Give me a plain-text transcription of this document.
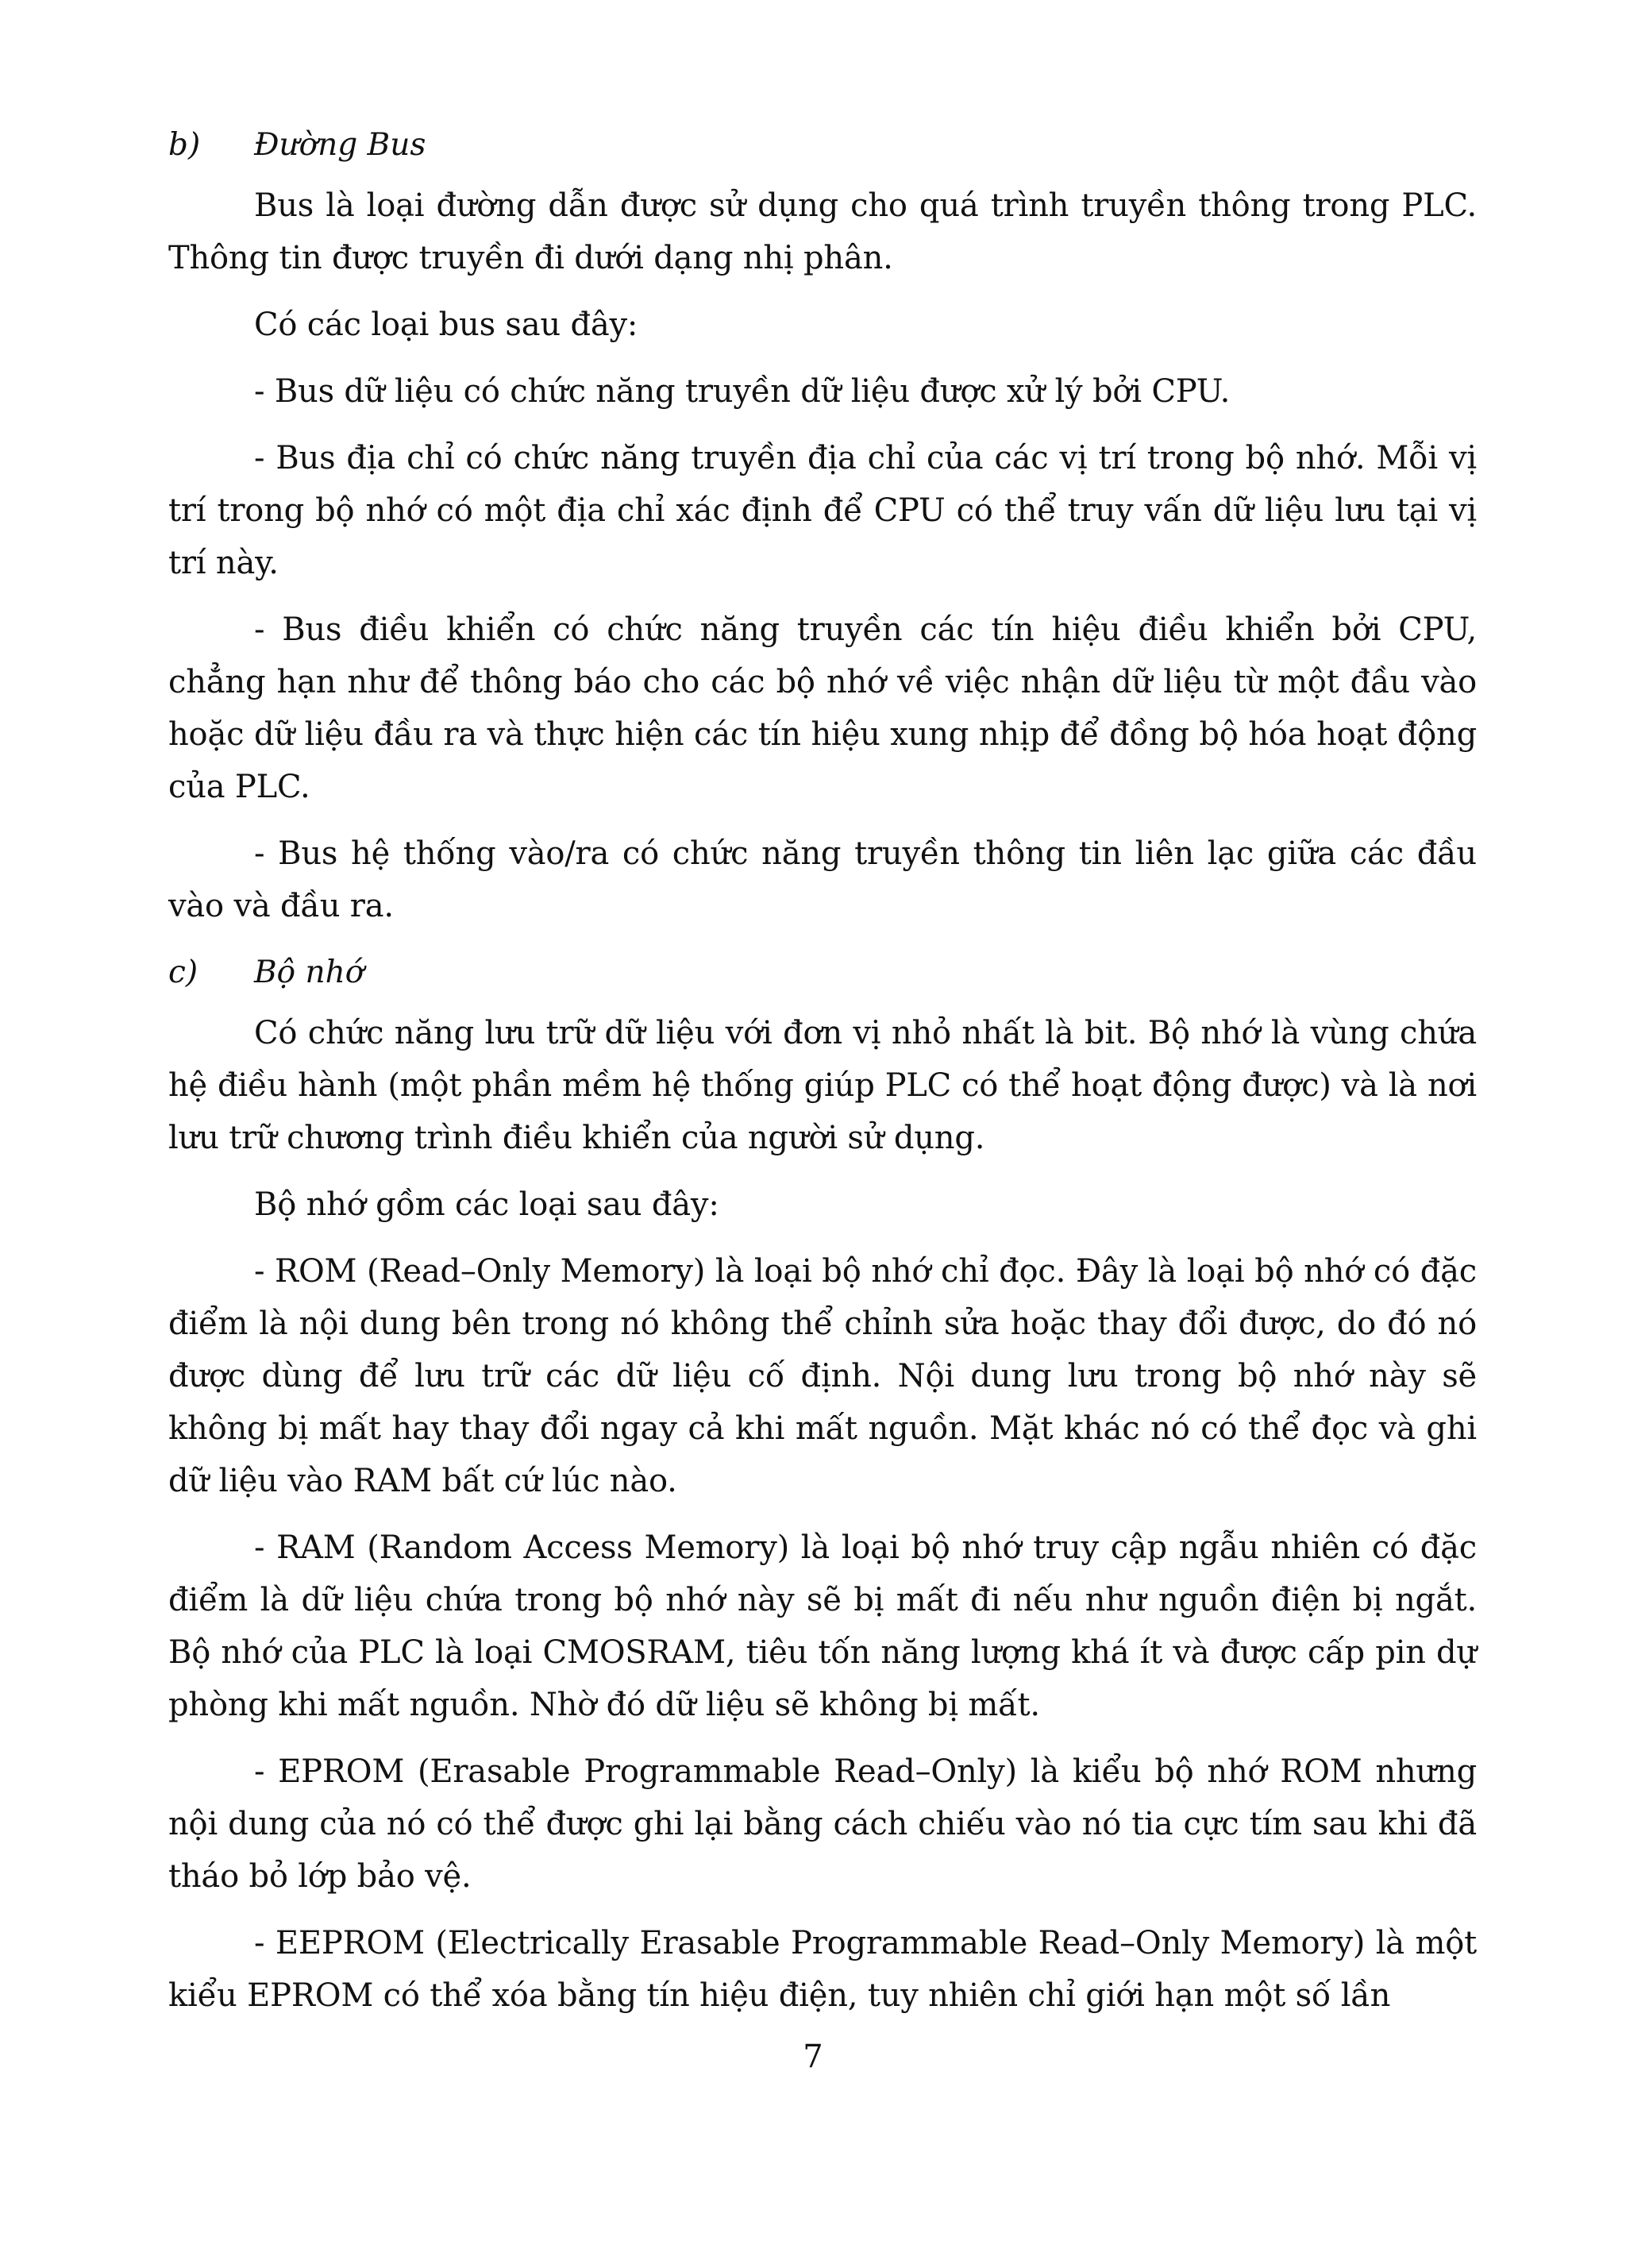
b) Đường Bus

Bus là loại đường dẫn được sử dụng cho quá trình truyền thông trong PLC. Thông tin được truyền đi dưới dạng nhị phân.

Có các loại bus sau đây:

- Bus dữ liệu có chức năng truyền dữ liệu được xử lý bởi CPU.

- Bus địa chỉ có chức năng truyền địa chỉ của các vị trí trong bộ nhớ. Mỗi vị trí trong bộ nhớ có một địa chỉ xác định để CPU có thể truy vấn dữ liệu lưu tại vị trí này.

- Bus điều khiển có chức năng truyền các tín hiệu điều khiển bởi CPU, chẳng hạn như để thông báo cho các bộ nhớ về việc nhận dữ liệu từ một đầu vào hoặc dữ liệu đầu ra và thực hiện các tín hiệu xung nhịp để đồng bộ hóa hoạt động của PLC.

- Bus hệ thống vào/ra có chức năng truyền thông tin liên lạc giữa các đầu vào và đầu ra.

c) Bộ nhớ

Có chức năng lưu trữ dữ liệu với đơn vị nhỏ nhất là bit. Bộ nhớ là vùng chứa hệ điều hành (một phần mềm hệ thống giúp PLC có thể hoạt động được) và là nơi lưu trữ chương trình điều khiển của người sử dụng.

Bộ nhớ gồm các loại sau đây:

- ROM (Read–Only Memory) là loại bộ nhớ chỉ đọc. Đây là loại bộ nhớ có đặc điểm là nội dung bên trong nó không thể chỉnh sửa hoặc thay đổi được, do đó nó được dùng để lưu trữ các dữ liệu cố định. Nội dung lưu trong bộ nhớ này sẽ không bị mất hay thay đổi ngay cả khi mất nguồn. Mặt khác nó có thể đọc và ghi dữ liệu vào RAM bất cứ lúc nào.

- RAM (Random Access Memory) là loại bộ nhớ truy cập ngẫu nhiên có đặc điểm là dữ liệu chứa trong bộ nhớ này sẽ bị mất đi nếu như nguồn điện bị ngắt. Bộ nhớ của PLC là loại CMOSRAM, tiêu tốn năng lượng khá ít và được cấp pin dự phòng khi mất nguồn. Nhờ đó dữ liệu sẽ không bị mất.

- EPROM (Erasable Programmable Read–Only) là kiểu bộ nhớ ROM nhưng nội dung của nó có thể được ghi lại bằng cách chiếu vào nó tia cực tím sau khi đã tháo bỏ lớp bảo vệ.

- EEPROM (Electrically Erasable Programmable Read–Only Memory) là một kiểu EPROM có thể xóa bằng tín hiệu điện, tuy nhiên chỉ giới hạn một số lần

7
